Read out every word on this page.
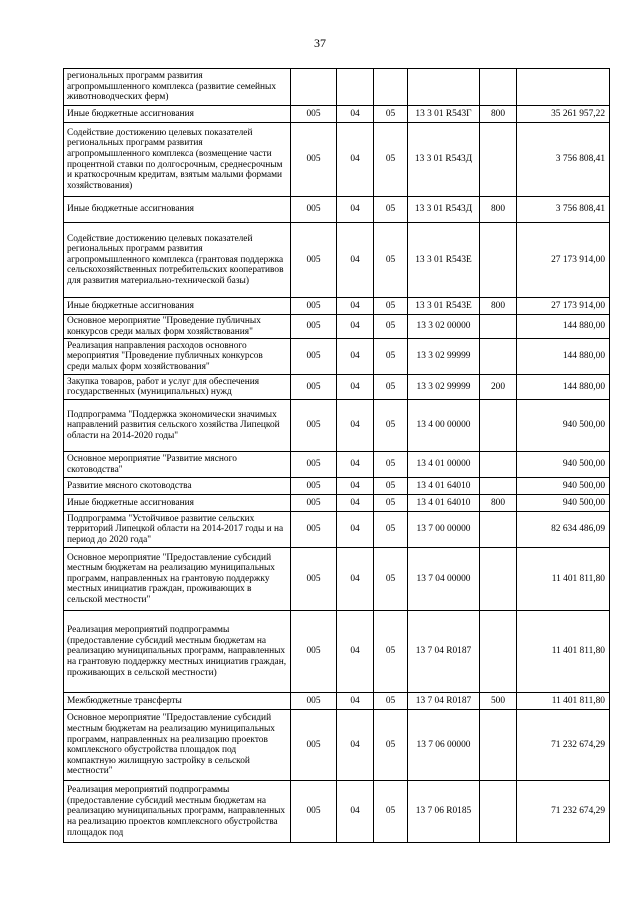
37
региональных программ развития агропромышленного комплекса (развитие семейных животноводческих ферм)						
Иные бюджетные ассигнования	005	04	05	13 3 01 R543Г	800	35 261 957,22
Содействие достижению целевых показателей региональных программ развития агропромышленного комплекса (возмещение части процентной ставки по долгосрочным, среднесрочным и краткосрочным кредитам, взятым малыми формами хозяйствования)	005	04	05	13 3 01 R543Д		3 756 808,41
Иные бюджетные ассигнования	005	04	05	13 3 01 R543Д	800	3 756 808,41
Содействие достижению целевых показателей региональных программ развития агропромышленного комплекса (грантовая поддержка сельскохозяйственных потребительских кооперативов для развития материально-технической базы)	005	04	05	13 3 01 R543Е		27 173 914,00
Иные бюджетные ассигнования	005	04	05	13 3 01 R543Е	800	27 173 914,00
Основное мероприятие "Проведение публичных конкурсов среди малых форм хозяйствования"	005	04	05	13 3 02 00000		144 880,00
Реализация направления расходов основного мероприятия "Проведение публичных конкурсов среди малых форм хозяйствования"	005	04	05	13 3 02 99999		144 880,00
Закупка товаров, работ и услуг для обеспечения государственных (муниципальных) нужд	005	04	05	13 3 02 99999	200	144 880,00
Подпрограмма "Поддержка экономически значимых направлений развития сельского хозяйства Липецкой области на 2014-2020 годы"	005	04	05	13 4 00 00000		940 500,00
Основное мероприятие "Развитие мясного скотоводства"	005	04	05	13 4 01 00000		940 500,00
Развитие мясного скотоводства	005	04	05	13 4 01 64010		940 500,00
Иные бюджетные ассигнования	005	04	05	13 4 01 64010	800	940 500,00
Подпрограмма "Устойчивое развитие сельских территорий Липецкой области на 2014-2017 годы и на период до 2020 года"	005	04	05	13 7 00 00000		82 634 486,09
Основное мероприятие "Предоставление субсидий местным бюджетам на реализацию муниципальных программ, направленных на грантовую поддержку местных инициатив граждан, проживающих в сельской местности"	005	04	05	13 7 04 00000		11 401 811,80
Реализация мероприятий подпрограммы (предоставление субсидий местным бюджетам на реализацию муниципальных программ, направленных на грантовую поддержку местных инициатив граждан, проживающих в сельской местности)	005	04	05	13 7 04 R0187		11 401 811,80
Межбюджетные трансферты	005	04	05	13 7 04 R0187	500	11 401 811,80
Основное мероприятие "Предоставление субсидий местным бюджетам на реализацию муниципальных программ, направленных на реализацию проектов комплексного обустройства площадок под компактную жилищную застройку в сельской местности"	005	04	05	13 7 06 00000		71 232 674,29
Реализация мероприятий подпрограммы (предоставление субсидий местным бюджетам на реализацию муниципальных программ, направленных на реализацию проектов комплексного обустройства площадок под	005	04	05	13 7 06 R0185		71 232 674,29
